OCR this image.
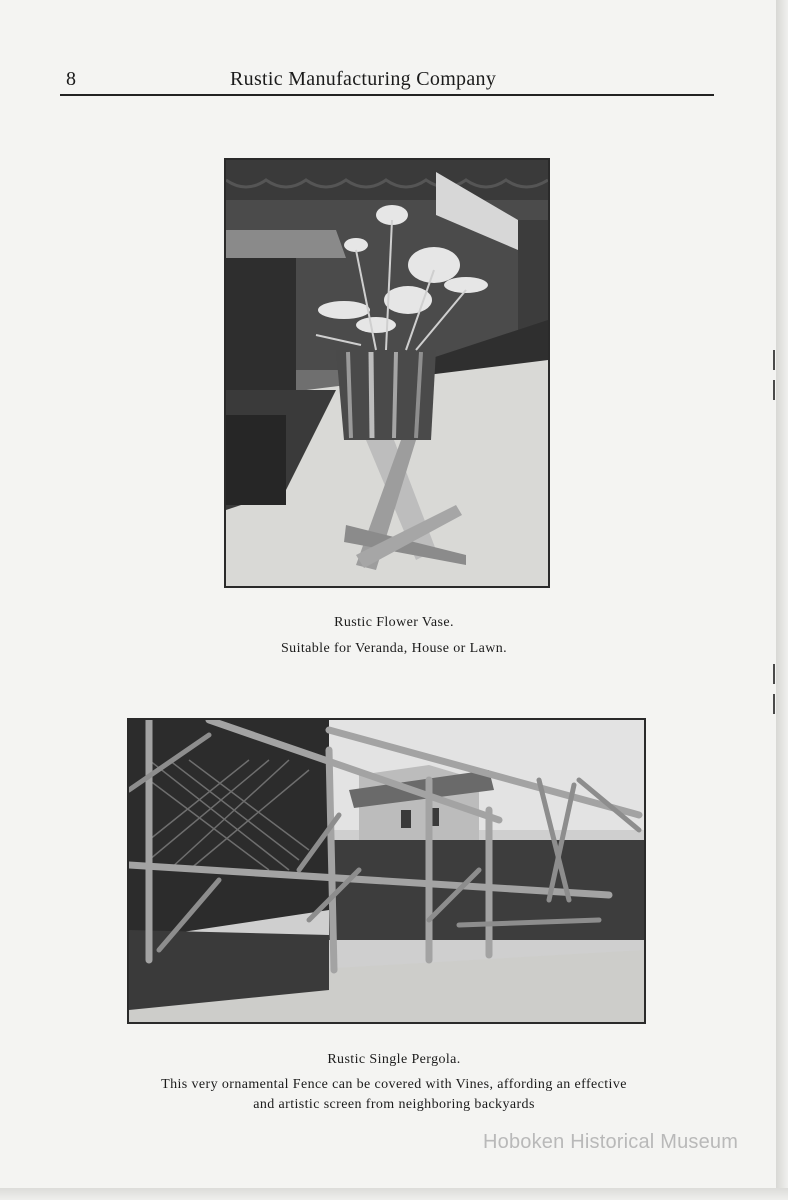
8	Rustic Manufacturing Company
Rustic Flower Vase.
Suitable for Veranda, House or Lawn.
Rustic Single Pergola.
This very ornamental Fence can be covered with Vines, affording an effective
and artistic screen from neighboring backyards
Hoboken Historical Museum
